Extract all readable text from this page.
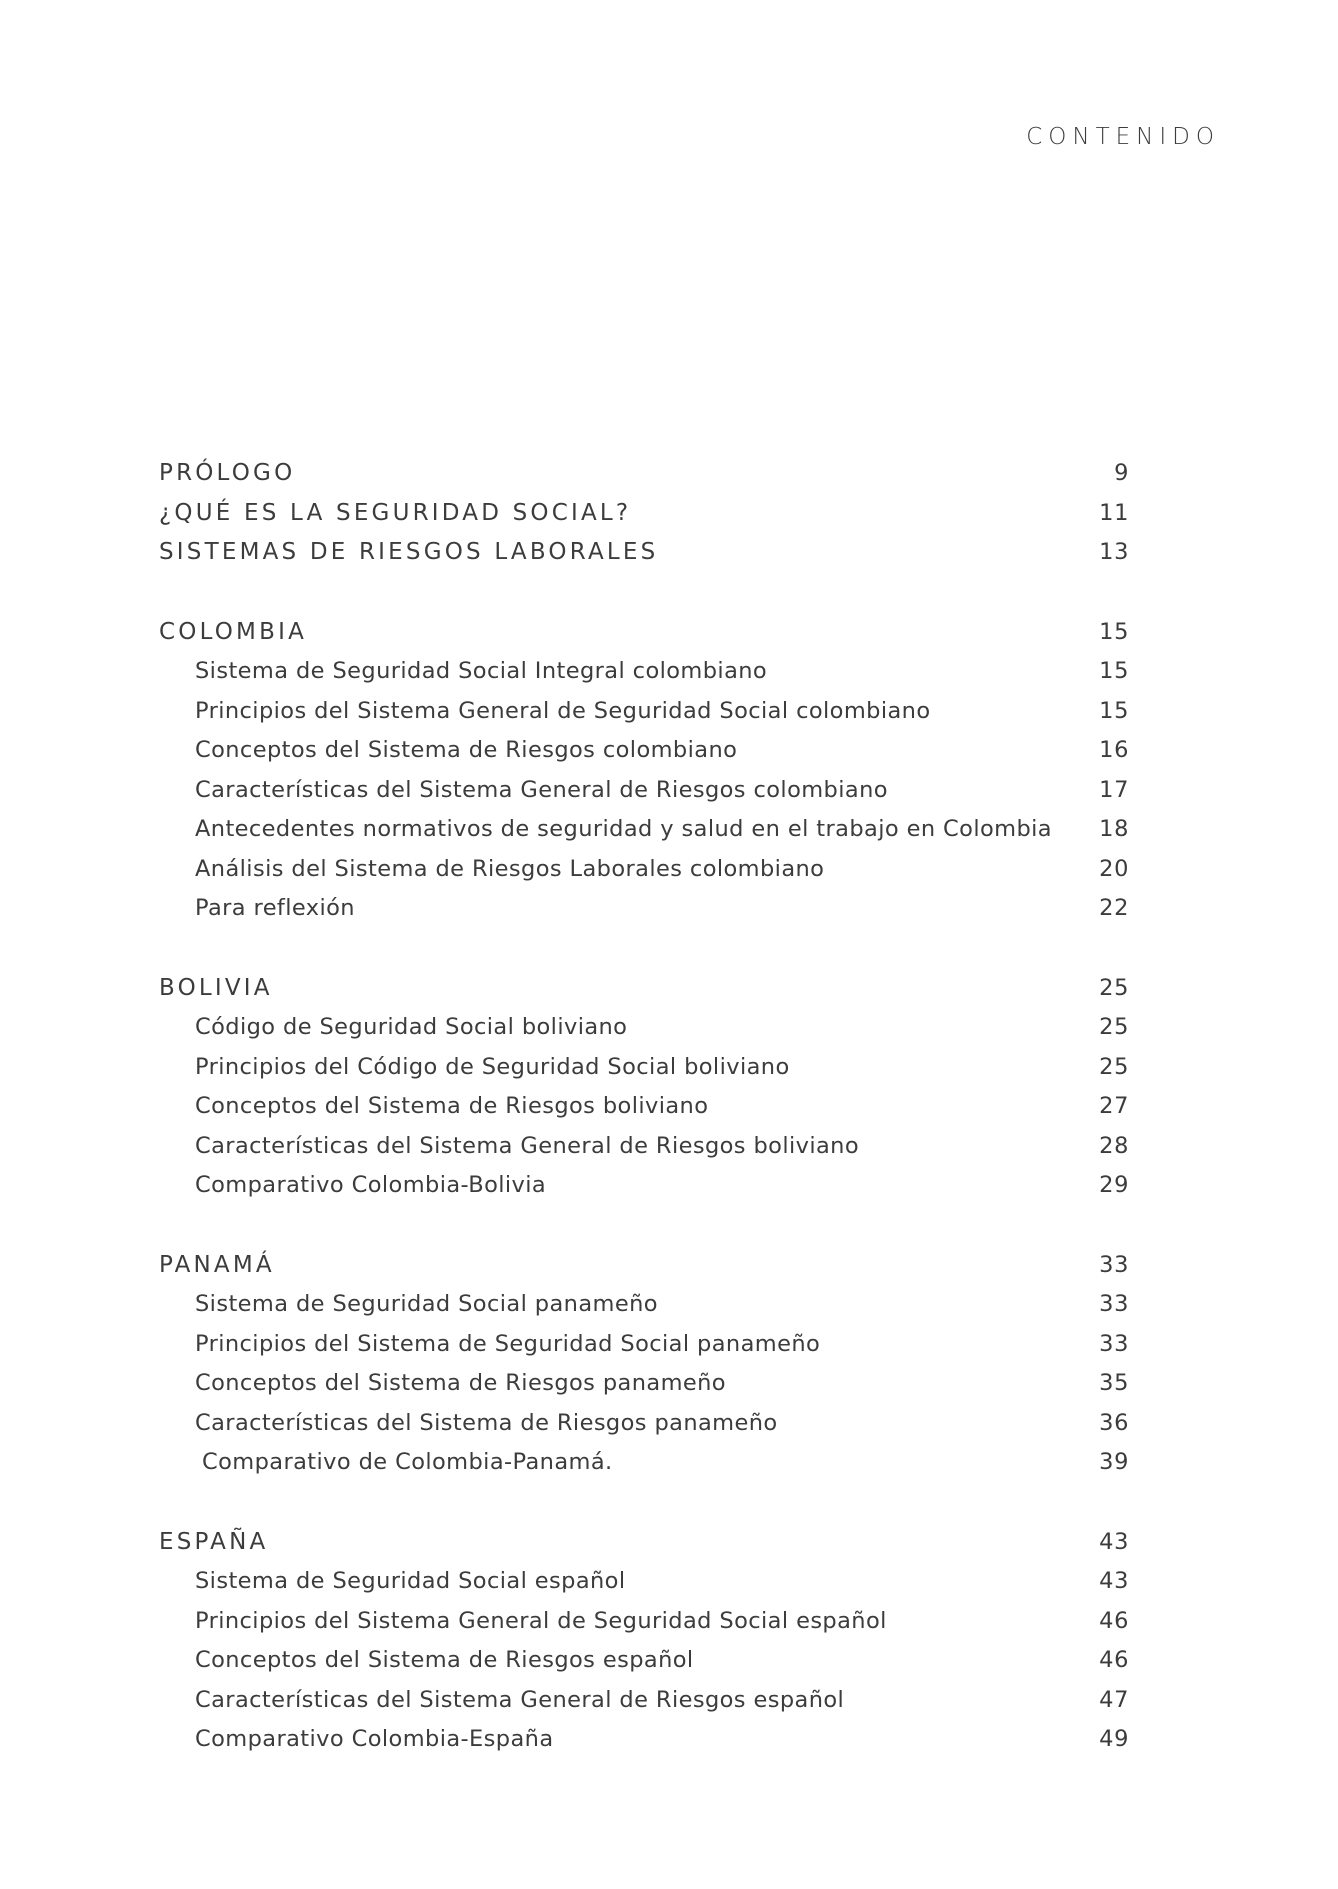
CONTENIDO
PRÓLOGO	9
¿QUÉ ES LA SEGURIDAD SOCIAL?	11
SISTEMAS DE RIESGOS LABORALES	13
COLOMBIA	15
Sistema de Seguridad Social Integral colombiano	15
Principios del Sistema General de Seguridad Social colombiano	15
Conceptos del Sistema de Riesgos colombiano	16
Características del Sistema General de Riesgos colombiano	17
Antecedentes normativos de seguridad y salud en el trabajo en Colombia	18
Análisis del Sistema de Riesgos Laborales colombiano	20
Para reflexión	22
BOLIVIA	25
Código de Seguridad Social boliviano	25
Principios del Código de Seguridad Social boliviano	25
Conceptos del Sistema de Riesgos boliviano	27
Características del Sistema General de Riesgos boliviano	28
Comparativo Colombia-Bolivia	29
PANAMÁ	33
Sistema de Seguridad Social panameño	33
Principios del Sistema de Seguridad Social panameño	33
Conceptos del Sistema de Riesgos panameño	35
Características del Sistema de Riesgos panameño	36
Comparativo de Colombia-Panamá.	39
ESPAÑA	43
Sistema de Seguridad Social español	43
Principios del Sistema General de Seguridad Social español	46
Conceptos del Sistema de Riesgos español	46
Características del Sistema General de Riesgos español	47
Comparativo Colombia-España	49
